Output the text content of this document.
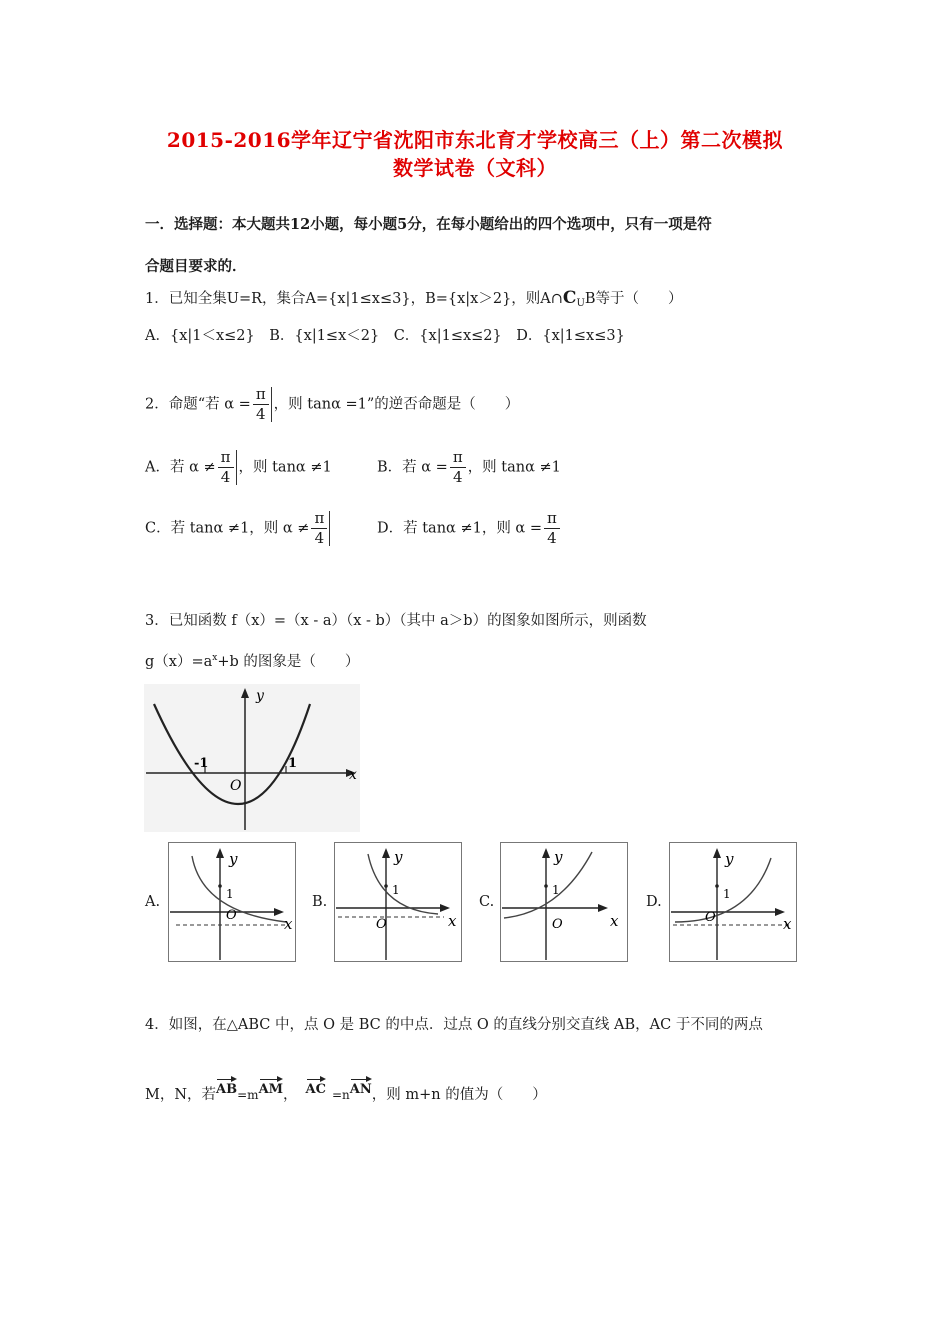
2015-2016学年辽宁省沈阳市东北育才学校高三（上）第二次模拟
数学试卷（文科）
一．选择题：本大题共12小题，每小题5分，在每小题给出的四个选项中，只有一项是符
合题目要求的．
1．已知全集U=R，集合A={x|1≤x≤3}，B={x|x＞2}，则$A\cap C_UB$等于（　　）
A．{x|1＜x≤2}　B．{x|1≤x＜2}　C．{x|1≤x≤2}　D．{x|1≤x≤3}
2．命题“若 $\alpha = \frac{\pi}{4}$ ，则 tanα =1”的逆否命题是（　　）
A．若 $\alpha \ne \frac{\pi}{4}$ ，则 tanα ≠1	B．若 $\alpha = \frac{\pi}{4}$ ，则 tanα ≠1
C．若 tanα ≠1，则 $\alpha \ne \frac{\pi}{4}$	D．若 tanα ≠1，则 $\alpha = \frac{\pi}{4}$
3．已知函数 f（x）=（x - a）（x - b）（其中 a＞b）的图象如图所示，则函数
$g(x)=a^x+b$ 的图象是（　　）
y
x
O
-1	1
A.
y
x
O
1	B.
y
x
O
1
C.
y
x
O
1
D.
y
x
O
1
4．如图，在△ABC 中，点 O 是 BC 的中点．过点 O 的直线分别交直线 AB，AC 于不同的两点
M，N，若AB=mAM， AC =nAN，则 m+n 的值为（　　）
